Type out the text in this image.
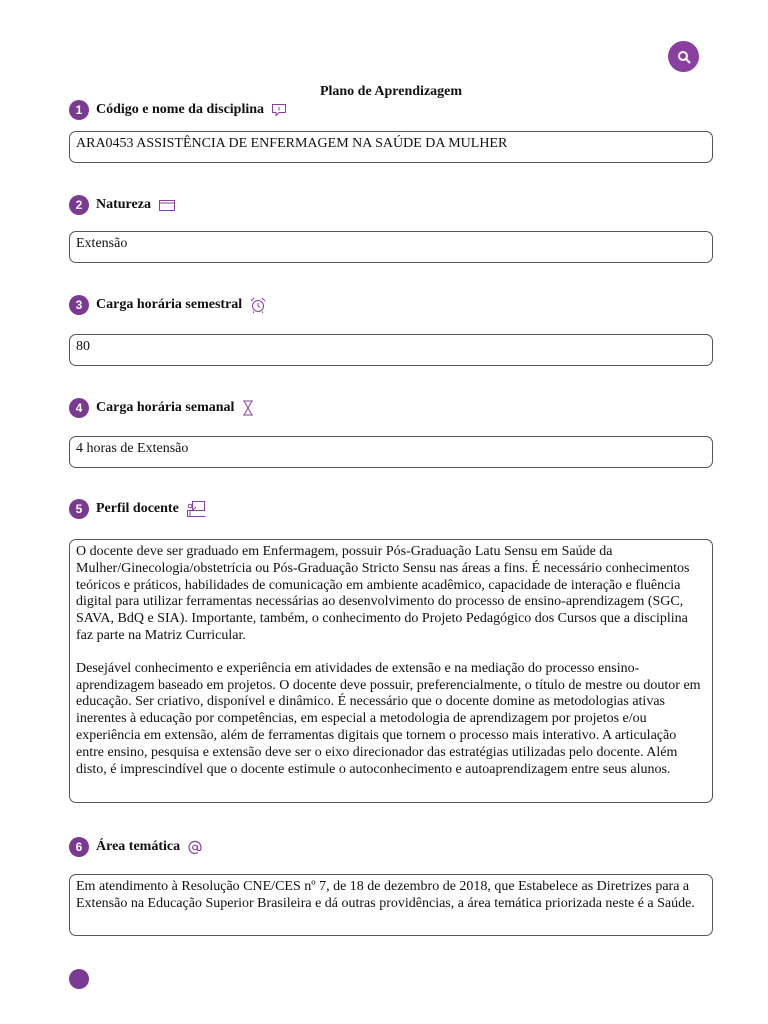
Plano de Aprendizagem
1 Código e nome da disciplina

ARA0453 ASSISTÊNCIA DE ENFERMAGEM NA SAÚDE DA MULHER

2 Natureza

Extensão

3 Carga horária semestral

80

4 Carga horária semanal

4 horas de Extensão

5 Perfil docente

O docente deve ser graduado em Enfermagem, possuir Pós-Graduação Latu Sensu em Saúde da Mulher/Ginecologia/obstetrícia ou Pós-Graduação Stricto Sensu nas áreas a fins. É necessário conhecimentos teóricos e práticos, habilidades de comunicação em ambiente acadêmico, capacidade de interação e fluência digital para utilizar ferramentas necessárias ao desenvolvimento do processo de ensino-aprendizagem (SGC, SAVA, BdQ e SIA). Importante, também, o conhecimento do Projeto Pedagógico dos Cursos que a disciplina faz parte na Matriz Curricular.

Desejável conhecimento e experiência em atividades de extensão e na mediação do processo ensino-aprendizagem baseado em projetos. O docente deve possuir, preferencialmente, o título de mestre ou doutor em educação. Ser criativo, disponível e dinâmico. É necessário que o docente domine as metodologias ativas inerentes à educação por competências, em especial a metodologia de aprendizagem por projetos e/ou experiência em extensão, além de ferramentas digitais que tornem o processo mais interativo. A articulação entre ensino, pesquisa e extensão deve ser o eixo direcionador das estratégias utilizadas pelo docente. Além disto, é imprescindível que o docente estimule o autoconhecimento e autoaprendizagem entre seus alunos.

6 Área temática

Em atendimento à Resolução CNE/CES nº 7, de 18 de dezembro de 2018, que Estabelece as Diretrizes para a Extensão na Educação Superior Brasileira e dá outras providências, a área temática priorizada neste é a Saúde.
